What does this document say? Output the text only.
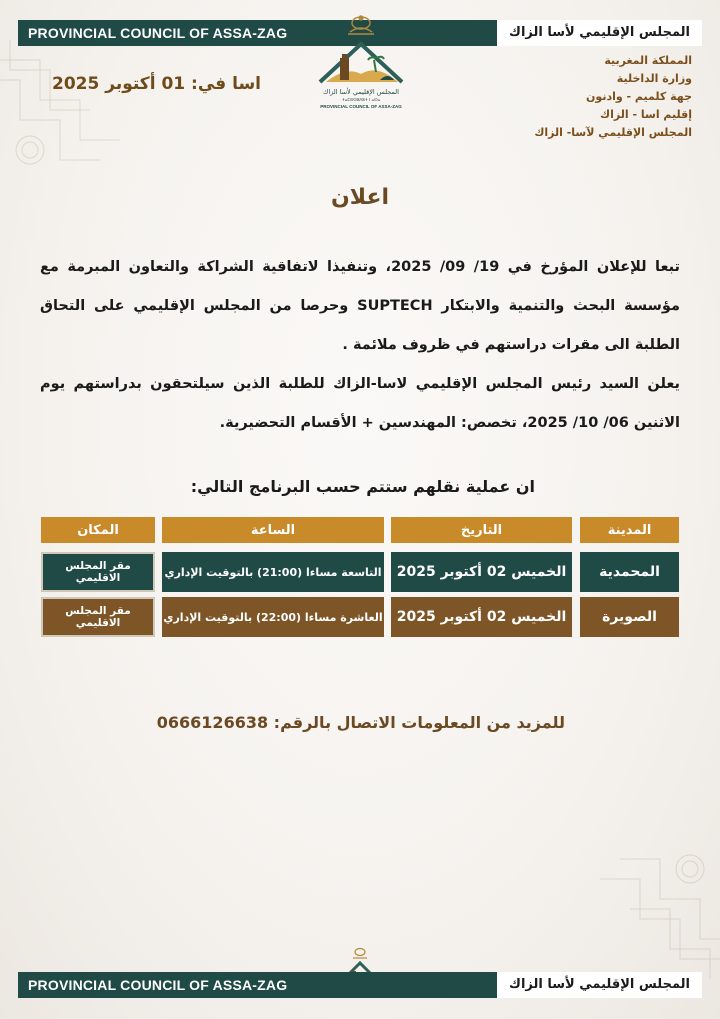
PROVINCIAL COUNCIL OF ASSA-ZAG	المجلس الإقليمي لأسا الزاك
المجلس الإقليمي لأسا الزاك
ⵜⴰⵎⵙⵙⵓⴷⵓⵜ ⵏ ⴰⵙⴰ
PROVINCIAL COUNCIL OF ASSA-ZAG
اسا في: 01 أكتوبر 2025
المملكة المغربية
وزارة الداخلية
جهة كلميم - وادنون
إقليم اسا - الزاك
المجلس الإقليمي لآسا- الزاك
اعلان

تبعا للإعلان المؤرخ في 19/ 09/ 2025، وتنفيذا لاتفاقية الشراكة والتعاون المبرمة مع مؤسسة البحث والتنمية والابتكار SUPTECH وحرصا من المجلس الإقليمي على التحاق الطلبة الى مقرات دراستهم في ظروف ملائمة .

يعلن السيد رئيس المجلس الإقليمي لاسا-الزاك للطلبة الذين سيلتحقون بدراستهم يوم الاثنين 06/ 10/ 2025، تخصص: المهندسين + الأقسام التحضيرية.

ان عملية نقلهم ستتم حسب البرنامج التالي:
المدينة
التاريخ
الساعة
المكان
المحمدية
الخميس 02 أكتوبر 2025
التاسعة مساءا (21:00) بالتوقيت الإداري
مقر المجلس الاقليمي
الصويرة
الخميس 02 أكتوبر 2025
العاشرة مساءا (22:00) بالتوقيت الإداري
مقر المجلس الاقليمي
للمزيد من المعلومات الاتصال بالرقم: 0666126638
PROVINCIAL COUNCIL OF ASSA-ZAG	المجلس الإقليمي لأسا الزاك
